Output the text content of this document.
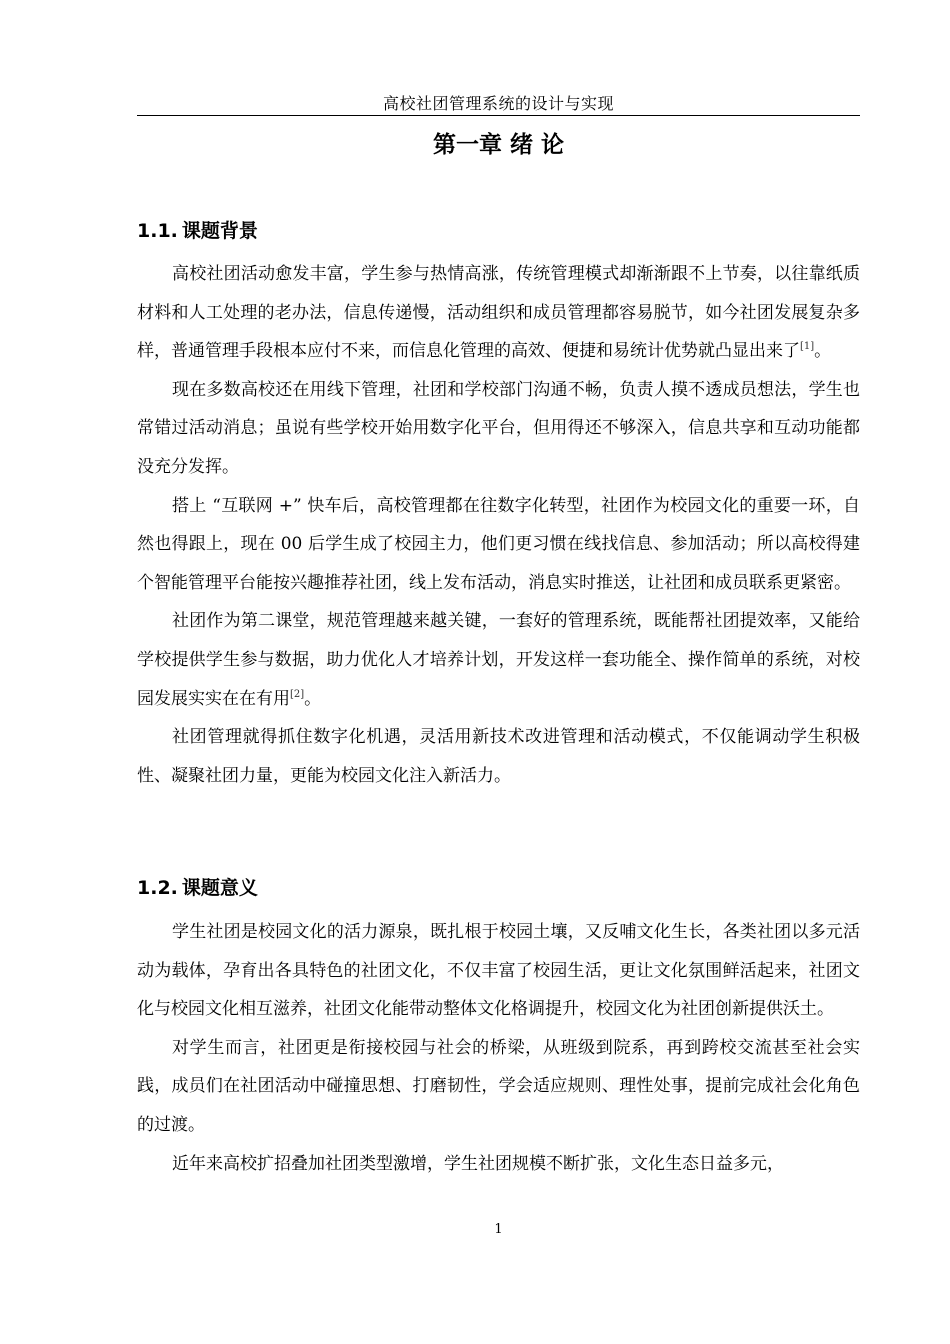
高校社团管理系统的设计与实现
第一章 绪 论
1.1. 课题背景

高校社团活动愈发丰富，学生参与热情高涨，传统管理模式却渐渐跟不上节奏，以往靠纸质材料和人工处理的老办法，信息传递慢，活动组织和成员管理都容易脱节，如今社团发展复杂多样，普通管理手段根本应付不来，而信息化管理的高效、便捷和易统计优势就凸显出来了[1]。

现在多数高校还在用线下管理，社团和学校部门沟通不畅，负责人摸不透成员想法，学生也常错过活动消息；虽说有些学校开始用数字化平台，但用得还不够深入，信息共享和互动功能都没充分发挥。

搭上 “互联网 +” 快车后，高校管理都在往数字化转型，社团作为校园文化的重要一环，自然也得跟上，现在 00 后学生成了校园主力，他们更习惯在线找信息、参加活动；所以高校得建个智能管理平台能按兴趣推荐社团，线上发布活动，消息实时推送，让社团和成员联系更紧密。

社团作为第二课堂，规范管理越来越关键，一套好的管理系统，既能帮社团提效率，又能给学校提供学生参与数据，助力优化人才培养计划，开发这样一套功能全、操作简单的系统，对校园发展实实在在有用[2]。

社团管理就得抓住数字化机遇，灵活用新技术改进管理和活动模式，不仅能调动学生积极性、凝聚社团力量，更能为校园文化注入新活力。

1.2. 课题意义

学生社团是校园文化的活力源泉，既扎根于校园土壤，又反哺文化生长，各类社团以多元活动为载体，孕育出各具特色的社团文化，不仅丰富了校园生活，更让文化氛围鲜活起来，社团文化与校园文化相互滋养，社团文化能带动整体文化格调提升，校园文化为社团创新提供沃土。

对学生而言，社团更是衔接校园与社会的桥梁，从班级到院系，再到跨校交流甚至社会实践，成员们在社团活动中碰撞思想、打磨韧性，学会适应规则、理性处事，提前完成社会化角色的过渡。

近年来高校扩招叠加社团类型激增，学生社团规模不断扩张，文化生态日益多元，

1
